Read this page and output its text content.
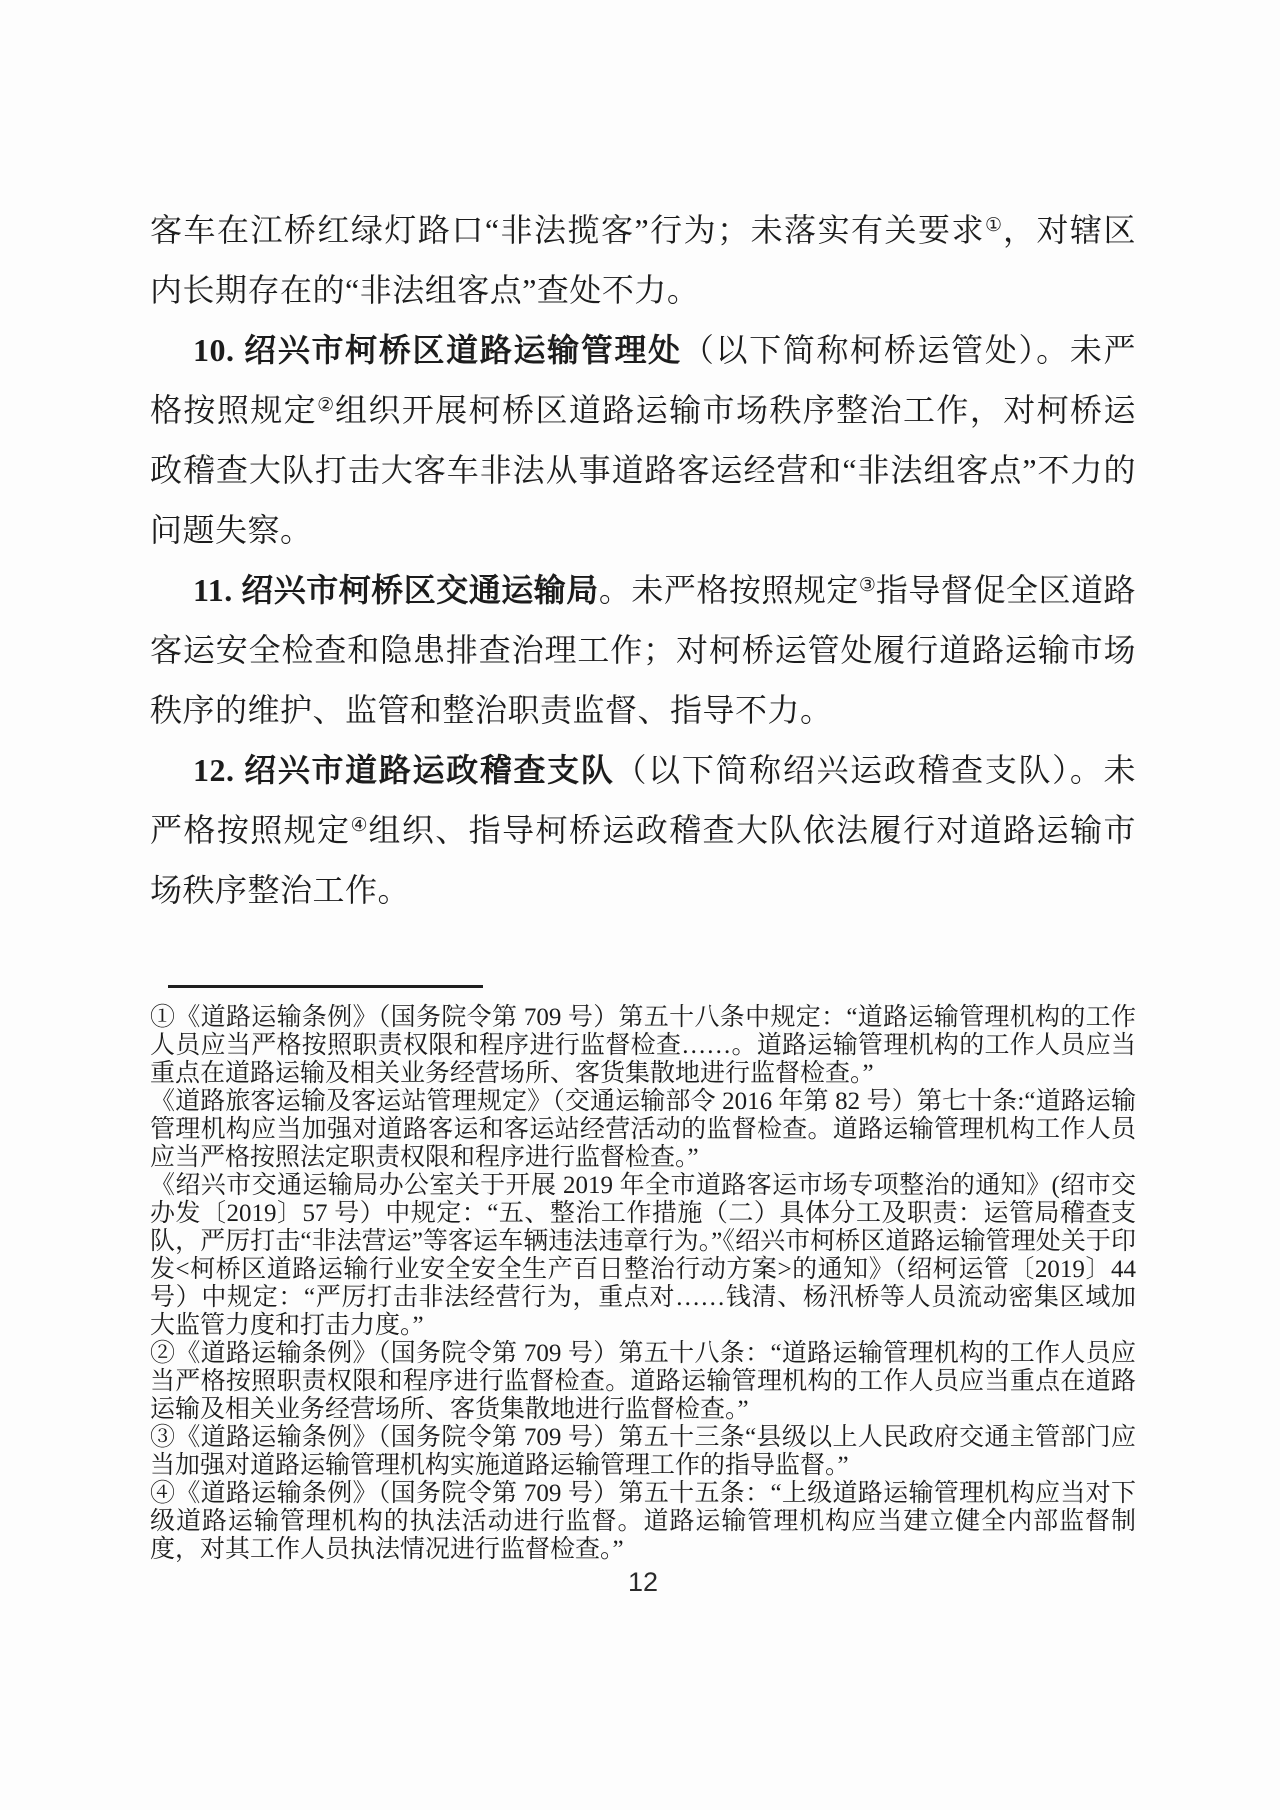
客车在江桥红绿灯路口“非法揽客”行为；未落实有关要求①，对辖区内长期存在的“非法组客点”查处不力。

10. 绍兴市柯桥区道路运输管理处（以下简称柯桥运管处）。未严格按照规定②组织开展柯桥区道路运输市场秩序整治工作，对柯桥运政稽查大队打击大客车非法从事道路客运经营和“非法组客点”不力的问题失察。

11. 绍兴市柯桥区交通运输局。未严格按照规定③指导督促全区道路客运安全检查和隐患排查治理工作；对柯桥运管处履行道路运输市场秩序的维护、监管和整治职责监督、指导不力。

12. 绍兴市道路运政稽查支队（以下简称绍兴运政稽查支队）。未严格按照规定④组织、指导柯桥运政稽查大队依法履行对道路运输市场秩序整治工作。

①《道路运输条例》（国务院令第 709 号）第五十八条中规定：“道路运输管理机构的工作人员应当严格按照职责权限和程序进行监督检查……。道路运输管理机构的工作人员应当重点在道路运输及相关业务经营场所、客货集散地进行监督检查。”

《道路旅客运输及客运站管理规定》（交通运输部令 2016 年第 82 号）第七十条:“道路运输管理机构应当加强对道路客运和客运站经营活动的监督检查。道路运输管理机构工作人员应当严格按照法定职责权限和程序进行监督检查。”

《绍兴市交通运输局办公室关于开展 2019 年全市道路客运市场专项整治的通知》(绍市交办发〔2019〕57 号）中规定：“五、整治工作措施（二）具体分工及职责：运管局稽查支队，严厉打击“非法营运”等客运车辆违法违章行为。”《绍兴市柯桥区道路运输管理处关于印发<柯桥区道路运输行业安全安全生产百日整治行动方案>的通知》（绍柯运管〔2019〕44 号）中规定：“严厉打击非法经营行为，重点对……钱清、杨汛桥等人员流动密集区域加大监管力度和打击力度。”

②《道路运输条例》（国务院令第 709 号）第五十八条：“道路运输管理机构的工作人员应当严格按照职责权限和程序进行监督检查。道路运输管理机构的工作人员应当重点在道路运输及相关业务经营场所、客货集散地进行监督检查。”

③《道路运输条例》（国务院令第 709 号）第五十三条“县级以上人民政府交通主管部门应当加强对道路运输管理机构实施道路运输管理工作的指导监督。”

④《道路运输条例》（国务院令第 709 号）第五十五条：“上级道路运输管理机构应当对下级道路运输管理机构的执法活动进行监督。道路运输管理机构应当建立健全内部监督制度，对其工作人员执法情况进行监督检查。”

12
